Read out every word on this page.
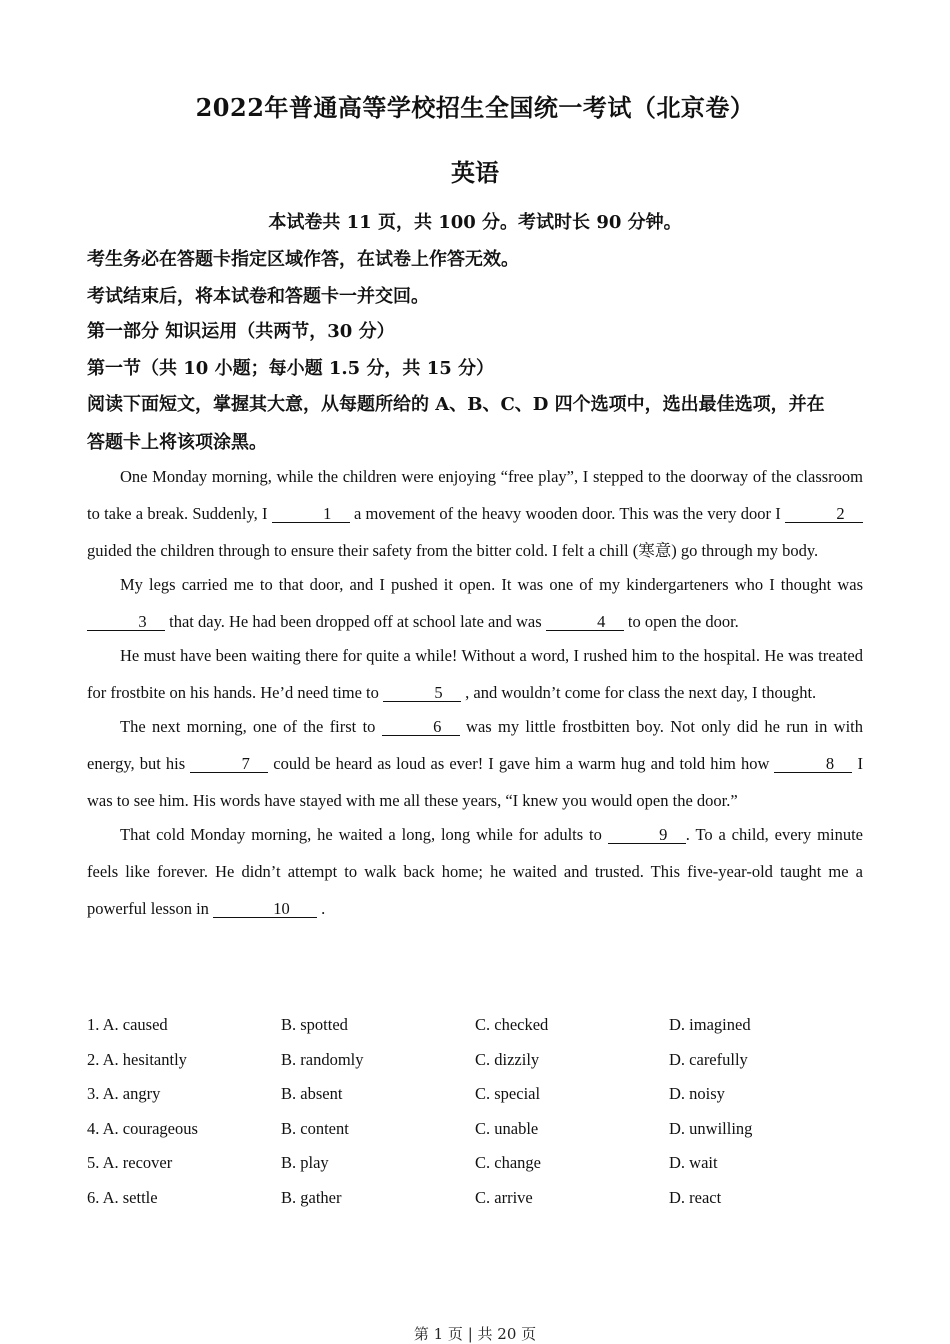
2022年普通高等学校招生全国统一考试（北京卷）
英语
本试卷共 11 页，共 100 分。考试时长 90 分钟。
考生务必在答题卡指定区域作答，在试卷上作答无效。
考试结束后，将本试卷和答题卡一并交回。
第一部分 知识运用（共两节，30 分）
第一节（共 10 小题；每小题 1.5 分，共 15 分）
阅读下面短文，掌握其大意，从每题所给的 A、B、C、D 四个选项中，选出最佳选项，并在
答题卡上将该项涂黑。

One Monday morning, while the children were enjoying “free play”, I stepped to the doorway of the classroom to take a break. Suddenly, I	1 a movement of the heavy wooden door. This was the very door I	2 guided the children through to ensure their safety from the bitter cold. I felt a chill (寒意) go through my body.

My legs carried me to that door, and I pushed it open. It was one of my kindergarteners who I thought was 3 that day. He had been dropped off at school late and was	4 to open the door.

He must have been waiting there for quite a while! Without a word, I rushed him to the hospital. He was treated for frostbite on his hands. He’d need time to	5 , and wouldn’t come for class the next day, I thought.

The next morning, one of the first to	6 was my little frostbitten boy. Not only did he run in with energy, but his	7 could be heard as loud as ever! I gave him a warm hug and told him how	8 I was to see him. His words have stayed with me all these years, “I knew you would open the door.”

That cold Monday morning, he waited a long, long while for adults to	9 . To a child, every minute feels like forever. He didn’t attempt to walk back home; he waited and trusted. This five-year-old taught me a powerful lesson in	10 .

1. A. caused	B. spotted	C. checked	D. imagined
2. A. hesitantly	B. randomly	C. dizzily	D. carefully
3. A. angry	B. absent	C. special	D. noisy
4. A. courageous	B. content	C. unable	D. unwilling
5. A. recover	B. play	C. change	D. wait
6. A. settle	B. gather	C. arrive	D. react
第 1 页 | 共 20 页
